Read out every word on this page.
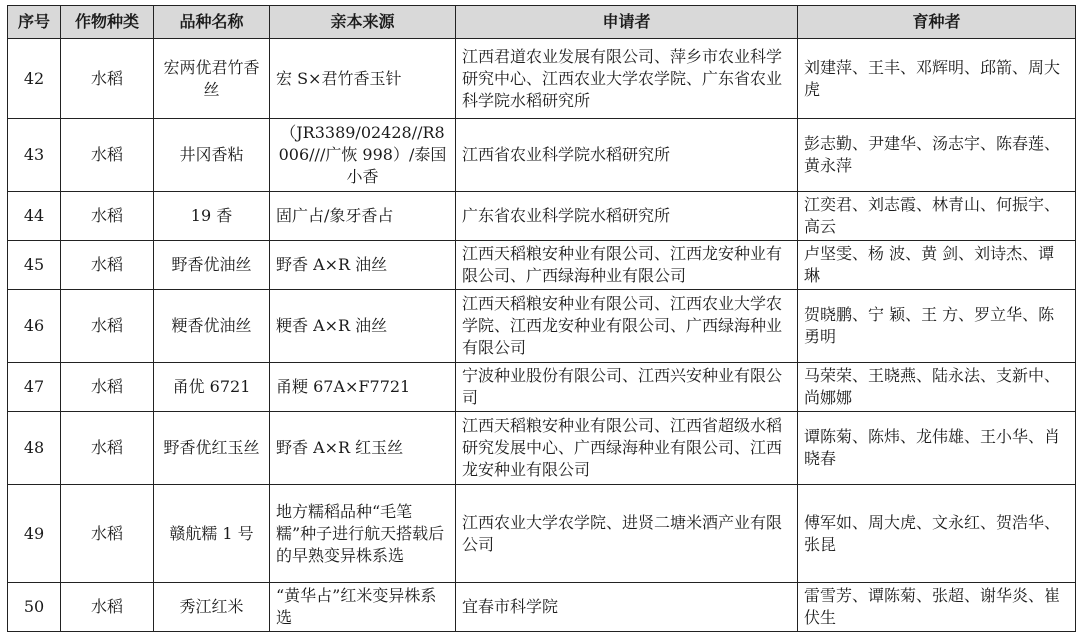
序号	作物种类	品种名称	亲本来源	申请者	育种者
42	水稻	宏两优君竹香丝	宏 S×君竹香玉针	江西君道农业发展有限公司、萍乡市农业科学研究中心、江西农业大学农学院、广东省农业科学院水稻研究所	刘建萍、王丰、邓辉明、邱箭、周大虎
43	水稻	井冈香粘	（JR3389/02428//R8006///广恢 998）/泰国小香	江西省农业科学院水稻研究所	彭志勤、尹建华、汤志宇、陈春莲、黄永萍
44	水稻	19 香	固广占/象牙香占	广东省农业科学院水稻研究所	江奕君、刘志霞、林青山、何振宇、高云
45	水稻	野香优油丝	野香 A×R 油丝	江西天稻粮安种业有限公司、江西龙安种业有限公司、广西绿海种业有限公司	卢坚雯、杨 波、黄 剑、刘诗杰、谭 琳
46	水稻	粳香优油丝	粳香 A×R 油丝	江西天稻粮安种业有限公司、江西农业大学农学院、江西龙安种业有限公司、广西绿海种业有限公司	贺晓鹏、宁 颖、王 方、罗立华、陈勇明
47	水稻	甬优 6721	甬粳 67A×F7721	宁波种业股份有限公司、江西兴安种业有限公司	马荣荣、王晓燕、陆永法、支新中、尚娜娜
48	水稻	野香优红玉丝	野香 A×R 红玉丝	江西天稻粮安种业有限公司、江西省超级水稻研究发展中心、广西绿海种业有限公司、江西龙安种业有限公司	谭陈菊、陈炜、龙伟雄、王小华、肖晓春
49	水稻	赣航糯 1 号	地方糯稻品种“毛笔糯”种子进行航天搭载后的早熟变异株系选	江西农业大学农学院、进贤二塘米酒产业有限公司	傅军如、周大虎、文永红、贺浩华、张昆
50	水稻	秀江红米	“黄华占”红米变异株系选	宜春市科学院	雷雪芳、谭陈菊、张超、谢华炎、崔伏生
